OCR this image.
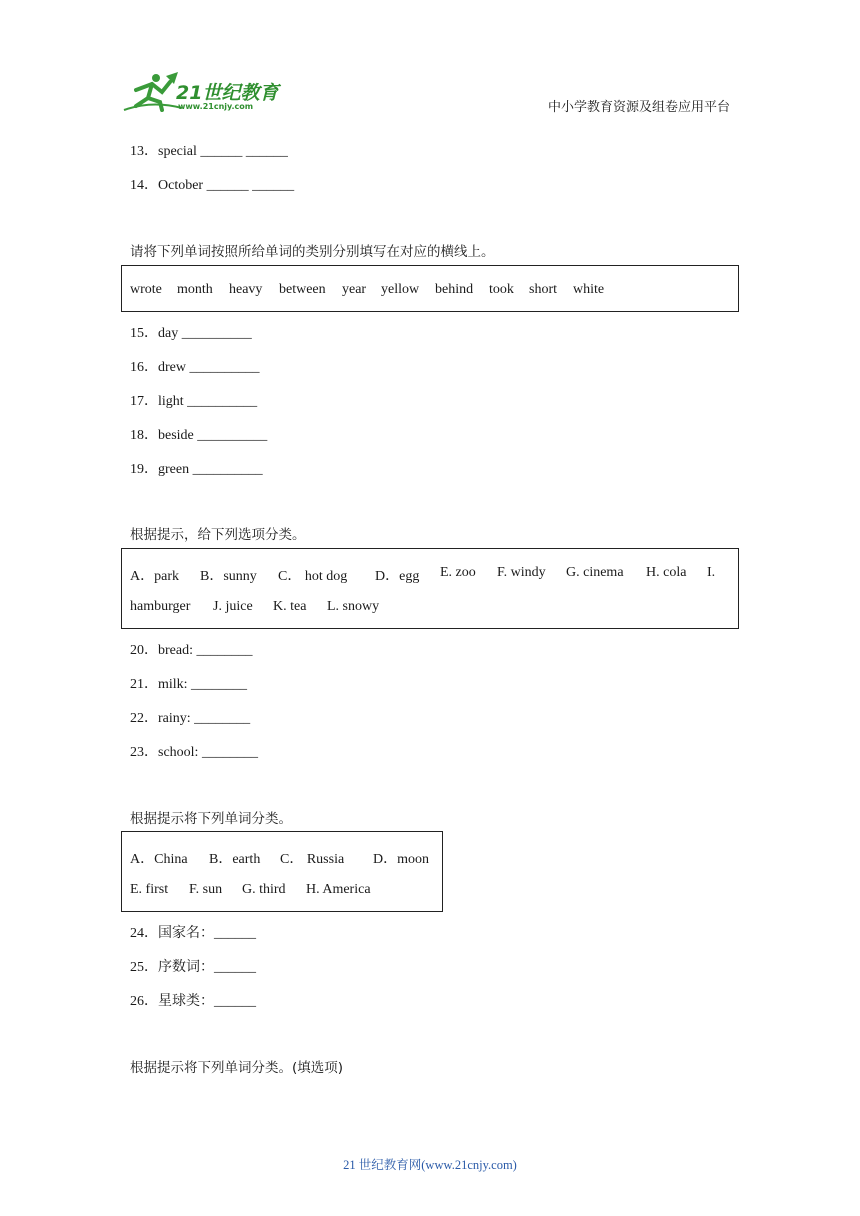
21世纪教育
www.21cnjy.com	中小学教育资源及组卷应用平台
13．special ______ ______
14．October ______ ______
请将下列单词按照所给单词的类别分别填写在对应的横线上。
wrote month heavy between year yellow behind took short white
15．day __________
16．drew __________
17．light __________
18．beside __________
19．green __________
根据提示，给下列选项分类。
A．park B．sunny C． hot dog D．egg E. zoo F. windy G. cinema H. cola I.
hamburger J. juice K. tea L. snowy
20．bread: ________
21．milk: ________
22．rainy: ________
23．school: ________
根据提示将下列单词分类。
A．China B．earth C． Russia D．moon
E. first F. sun G. third H. America
24．国家名：______
25．序数词：______
26．星球类：______
根据提示将下列单词分类。(填选项)
21 世纪教育网(www.21cnjy.com)
